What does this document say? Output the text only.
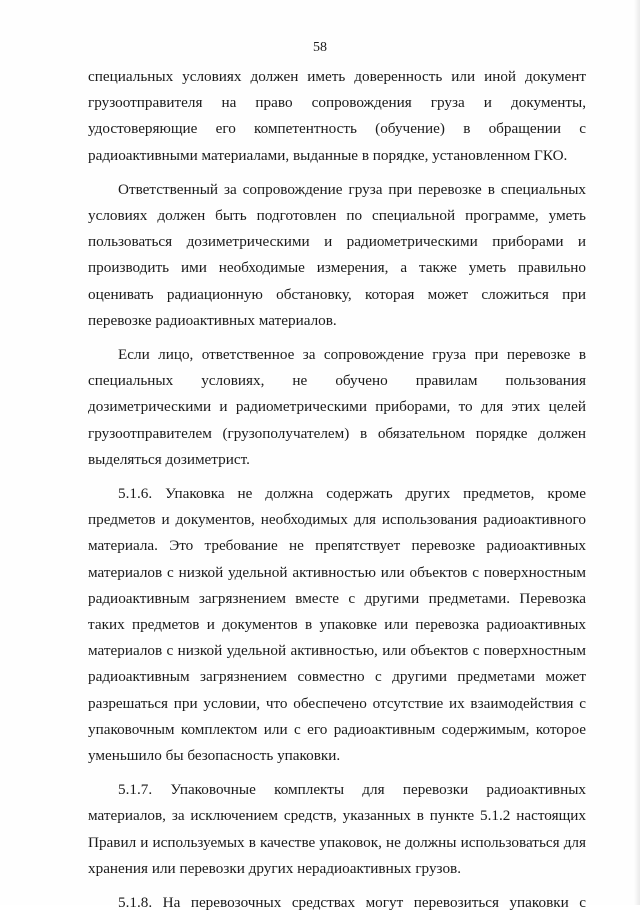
58

специальных условиях должен иметь доверенность или иной документ грузоотправителя на право сопровождения груза и документы, удостоверяющие его компетентность (обучение) в обращении с радиоактивными материалами, выданные в порядке, установленном ГКО.

Ответственный за сопровождение груза при перевозке в специальных условиях должен быть подготовлен по специальной программе, уметь пользоваться дозиметрическими и радиометрическими приборами и производить ими необходимые измерения, а также уметь правильно оценивать радиационную обстановку, которая может сложиться при перевозке радиоактивных материалов.

Если лицо, ответственное за сопровождение груза при перевозке в специальных условиях, не обучено правилам пользования дозиметрическими и радиометрическими приборами, то для этих целей грузоотправителем (грузополучателем) в обязательном порядке должен выделяться дозиметрист.

5.1.6. Упаковка не должна содержать других предметов, кроме предметов и документов, необходимых для использования радиоактивного материала. Это требование не препятствует перевозке радиоактивных материалов с низкой удельной активностью или объектов с поверхностным радиоактивным загрязнением вместе с другими предметами. Перевозка таких предметов и документов в упаковке или перевозка радиоактивных материалов с низкой удельной активностью, или объектов с поверхностным радиоактивным загрязнением совместно с другими предметами может разрешаться при условии, что обеспечено отсутствие их взаимодействия с упаковочным комплектом или с его радиоактивным содержимым, которое уменьшило бы безопасность упаковки.

5.1.7. Упаковочные комплекты для перевозки радиоактивных материалов, за исключением средств, указанных в пункте 5.1.2 настоящих Правил и используемых в качестве упаковок, не должны использоваться для хранения или перевозки других нерадиоактивных грузов.

5.1.8. На перевозочных средствах могут перевозиться упаковки с
